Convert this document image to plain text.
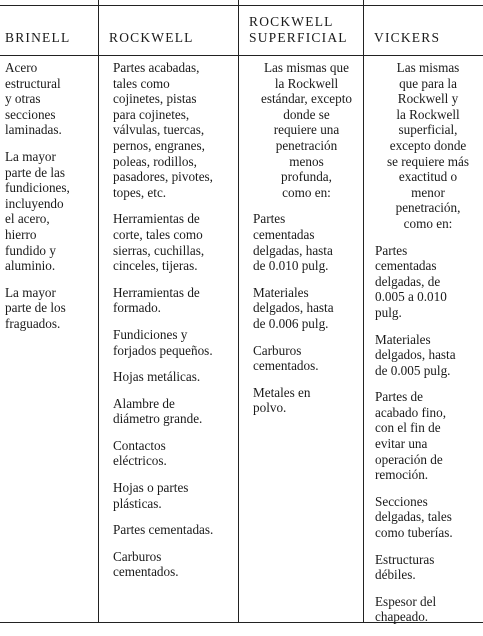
BRINELL
Acero
estructural
y otras
secciones
laminadas.
La mayor
parte de las
fundiciones,
incluyendo
el acero,
hierro
fundido y
aluminio.
La mayor
parte de los
fraguados.
ROCKWELL
Partes acabadas,
tales como
cojinetes, pistas
para cojinetes,
válvulas, tuercas,
pernos, engranes,
poleas, rodillos,
pasadores, pivotes,
topes, etc.
Herramientas de
corte, tales como
sierras, cuchillas,
cinceles, tijeras.
Herramientas de
formado.
Fundiciones y
forjados pequeños.
Hojas metálicas.
Alambre de
diámetro grande.
Contactos
eléctricos.
Hojas o partes
plásticas.
Partes cementadas.
Carburos
cementados.
ROCKWELL
SUPERFICIAL
Las mismas que
la Rockwell
estándar, excepto
donde se
requiere una
penetración
menos
profunda,
como en:
Partes
cementadas
delgadas, hasta
de 0.010 pulg.
Materiales
delgados, hasta
de 0.006 pulg.
Carburos
cementados.
Metales en
polvo.
VICKERS
Las mismas
que para la
Rockwell y
la Rockwell
superficial,
excepto donde
se requiere más
exactitud o
menor
penetración,
como en:
Partes
cementadas
delgadas, de
0.005 a 0.010
pulg.
Materiales
delgados, hasta
de 0.005 pulg.
Partes de
acabado fino,
con el fin de
evitar una
operación de
remoción.
Secciones
delgadas, tales
como tuberías.
Estructuras
débiles.
Espesor del
chapeado.
